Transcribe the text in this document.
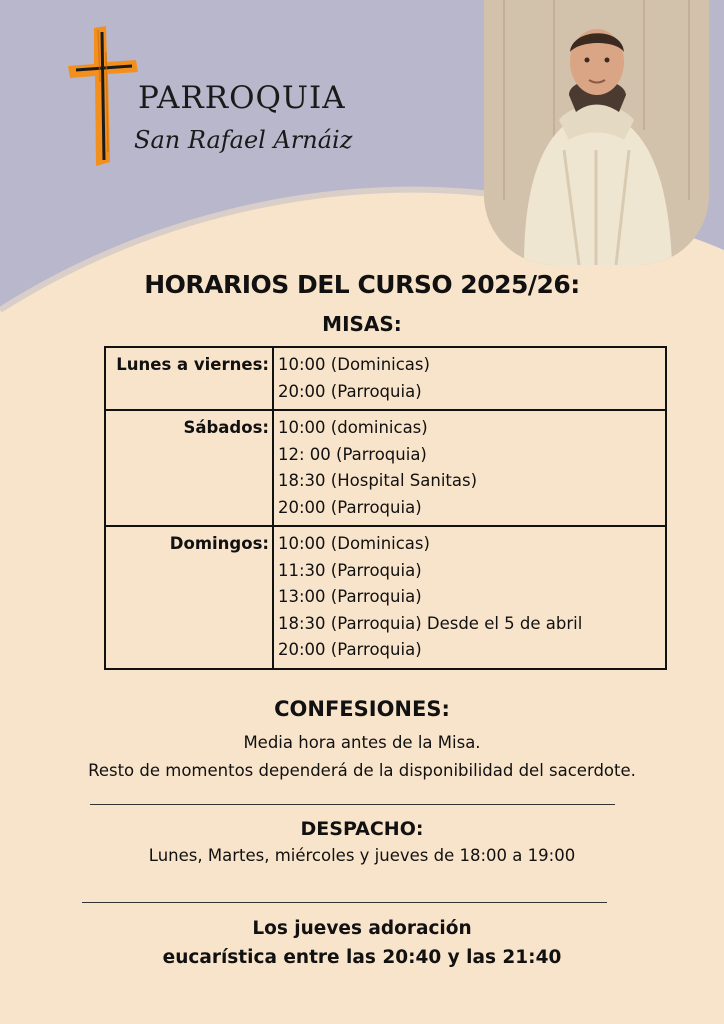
PARROQUIA
San Rafael Arnáiz
HORARIOS DEL CURSO 2025/26:
MISAS:
Lunes a viernes:	10:00 (Dominicas)
20:00 (Parroquia)

Sábados:	10:00 (dominicas)
12: 00 (Parroquia)
18:30 (Hospital Sanitas)
20:00 (Parroquia)

Domingos:	10:00 (Dominicas)
11:30 (Parroquia)
13:00 (Parroquia)
18:30 (Parroquia) Desde el 5 de abril
20:00 (Parroquia)
CONFESIONES:
Media hora antes de la Misa.
Resto de momentos dependerá de la disponibilidad del sacerdote.
DESPACHO:
Lunes, Martes, miércoles y jueves de 18:00 a 19:00
Los jueves adoración
eucarística entre las 20:40 y las 21:40
